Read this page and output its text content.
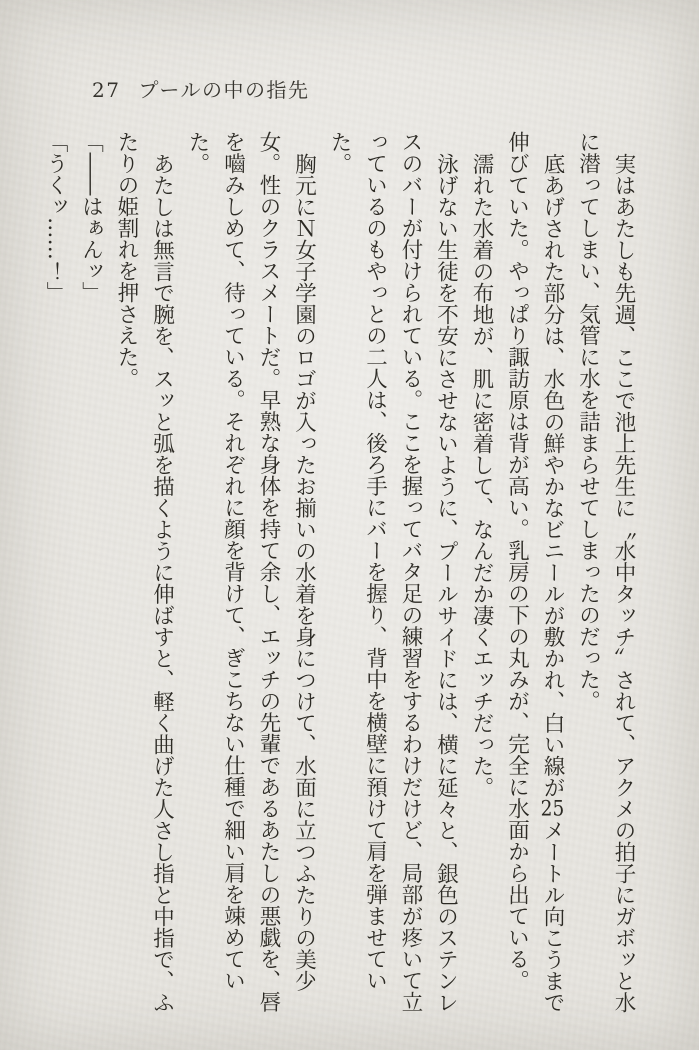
27 プールの中の指先

実はあたしも先週、ここで池上先生に〝水中タッチ〟されて、アクメの拍子にガボッと水に潜ってしまい、気管に水を詰まらせてしまったのだった。

底あげされた部分は、水色の鮮やかなビニールが敷かれ、白い線が25メートル向こうまで伸びていた。やっぱり諏訪原は背が高い。乳房の下の丸みが、完全に水面から出ている。

濡れた水着の布地が、肌に密着して、なんだか凄くエッチだった。

泳げない生徒を不安にさせないように、プールサイドには、横に延々と、銀色のステンレスのバーが付けられている。ここを握ってバタ足の練習をするわけだけど、局部が疼いて立っているのもやっとの二人は、後ろ手にバーを握り、背中を横壁に預けて肩を弾ませていた。

胸元にＮ女子学園のロゴが入ったお揃いの水着を身につけて、水面に立つふたりの美少女。性のクラスメートだ。早熟な身体を持て余し、エッチの先輩であるあたしの悪戯を、唇を嚙みしめて、待っている。それぞれに顔を背けて、ぎこちない仕種で細い肩を竦めていた。

あたしは無言で腕を、スッと弧を描くように伸ばすと、軽く曲げた人さし指と中指で、ふたりの姫割れを押さえた。

「――はぁんッ」

「うくッ……！」
